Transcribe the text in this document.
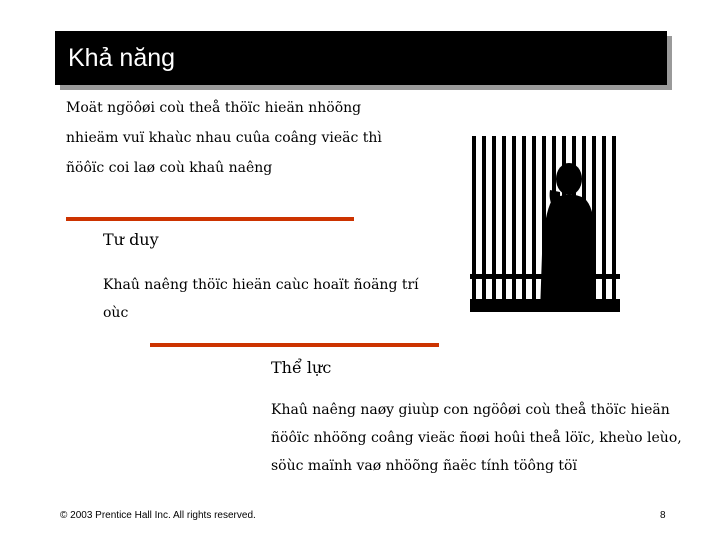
Khả năng
Moät ngöôøi coù theå thöïc hieän nhöõng nhieäm vuï khaùc nhau cuûa coâng vieäc thì ñöôïc coi laø coù khaû naêng
Tư duy
Khaû naêng thöïc hieän caùc hoaït ñoäng trí oùc
Thể lực
Khaû naêng naøy giuùp con ngöôøi coù theå thöïc hieän ñöôïc nhöõng coâng vieäc ñoøi hoûi theå löïc, kheùo leùo, söùc maïnh vaø nhöõng ñaëc tính töông töï
© 2003 Prentice Hall Inc. All rights reserved.	8
